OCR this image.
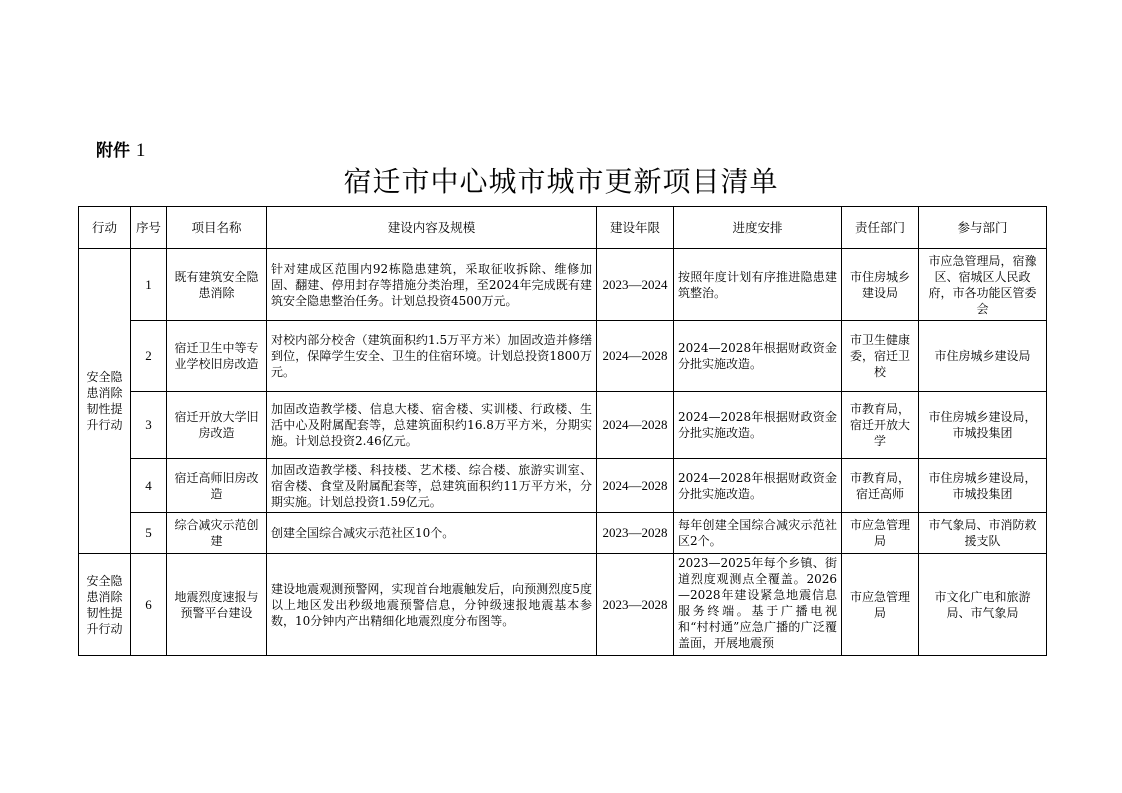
附件 1
宿迁市中心城市城市更新项目清单
行动	序号	项目名称	建设内容及规模	建设年限	进度安排	责任部门	参与部门
安全隐患消除韧性提升行动	1	既有建筑安全隐患消除	针对建成区范围内92栋隐患建筑，采取征收拆除、维修加固、翻建、停用封存等措施分类治理，至2024年完成既有建筑安全隐患整治任务。计划总投资4500万元。	2023—2024	按照年度计划有序推进隐患建筑整治。	市住房城乡建设局	市应急管理局，宿豫区、宿城区人民政府，市各功能区管委会
	2	宿迁卫生中等专业学校旧房改造	对校内部分校舍（建筑面积约1.5万平方米）加固改造并修缮到位，保障学生安全、卫生的住宿环境。计划总投资1800万元。	2024—2028	2024—2028年根据财政资金分批实施改造。	市卫生健康委，宿迁卫校	市住房城乡建设局
	3	宿迁开放大学旧房改造	加固改造教学楼、信息大楼、宿舍楼、实训楼、行政楼、生活中心及附属配套等，总建筑面积约16.8万平方米，分期实施。计划总投资2.46亿元。	2024—2028	2024—2028年根据财政资金分批实施改造。	市教育局，宿迁开放大学	市住房城乡建设局，市城投集团
	4	宿迁高师旧房改造	加固改造教学楼、科技楼、艺术楼、综合楼、旅游实训室、宿舍楼、食堂及附属配套等，总建筑面积约11万平方米，分期实施。计划总投资1.59亿元。	2024—2028	2024—2028年根据财政资金分批实施改造。	市教育局，宿迁高师	市住房城乡建设局，市城投集团
	5	综合减灾示范创建	创建全国综合减灾示范社区10个。	2023—2028	每年创建全国综合减灾示范社区2个。	市应急管理局	市气象局、市消防救援支队
安全隐患消除韧性提升行动	6	地震烈度速报与预警平台建设	建设地震观测预警网，实现首台地震触发后，向预测烈度5度以上地区发出秒级地震预警信息，分钟级速报地震基本参数，10分钟内产出精细化地震烈度分布图等。	2023—2028	2023—2025年每个乡镇、街道烈度观测点全覆盖。2026—2028年建设紧急地震信息服务终端。基于广播电视和“村村通”应急广播的广泛覆盖面，开展地震预	市应急管理局	市文化广电和旅游局、市气象局
